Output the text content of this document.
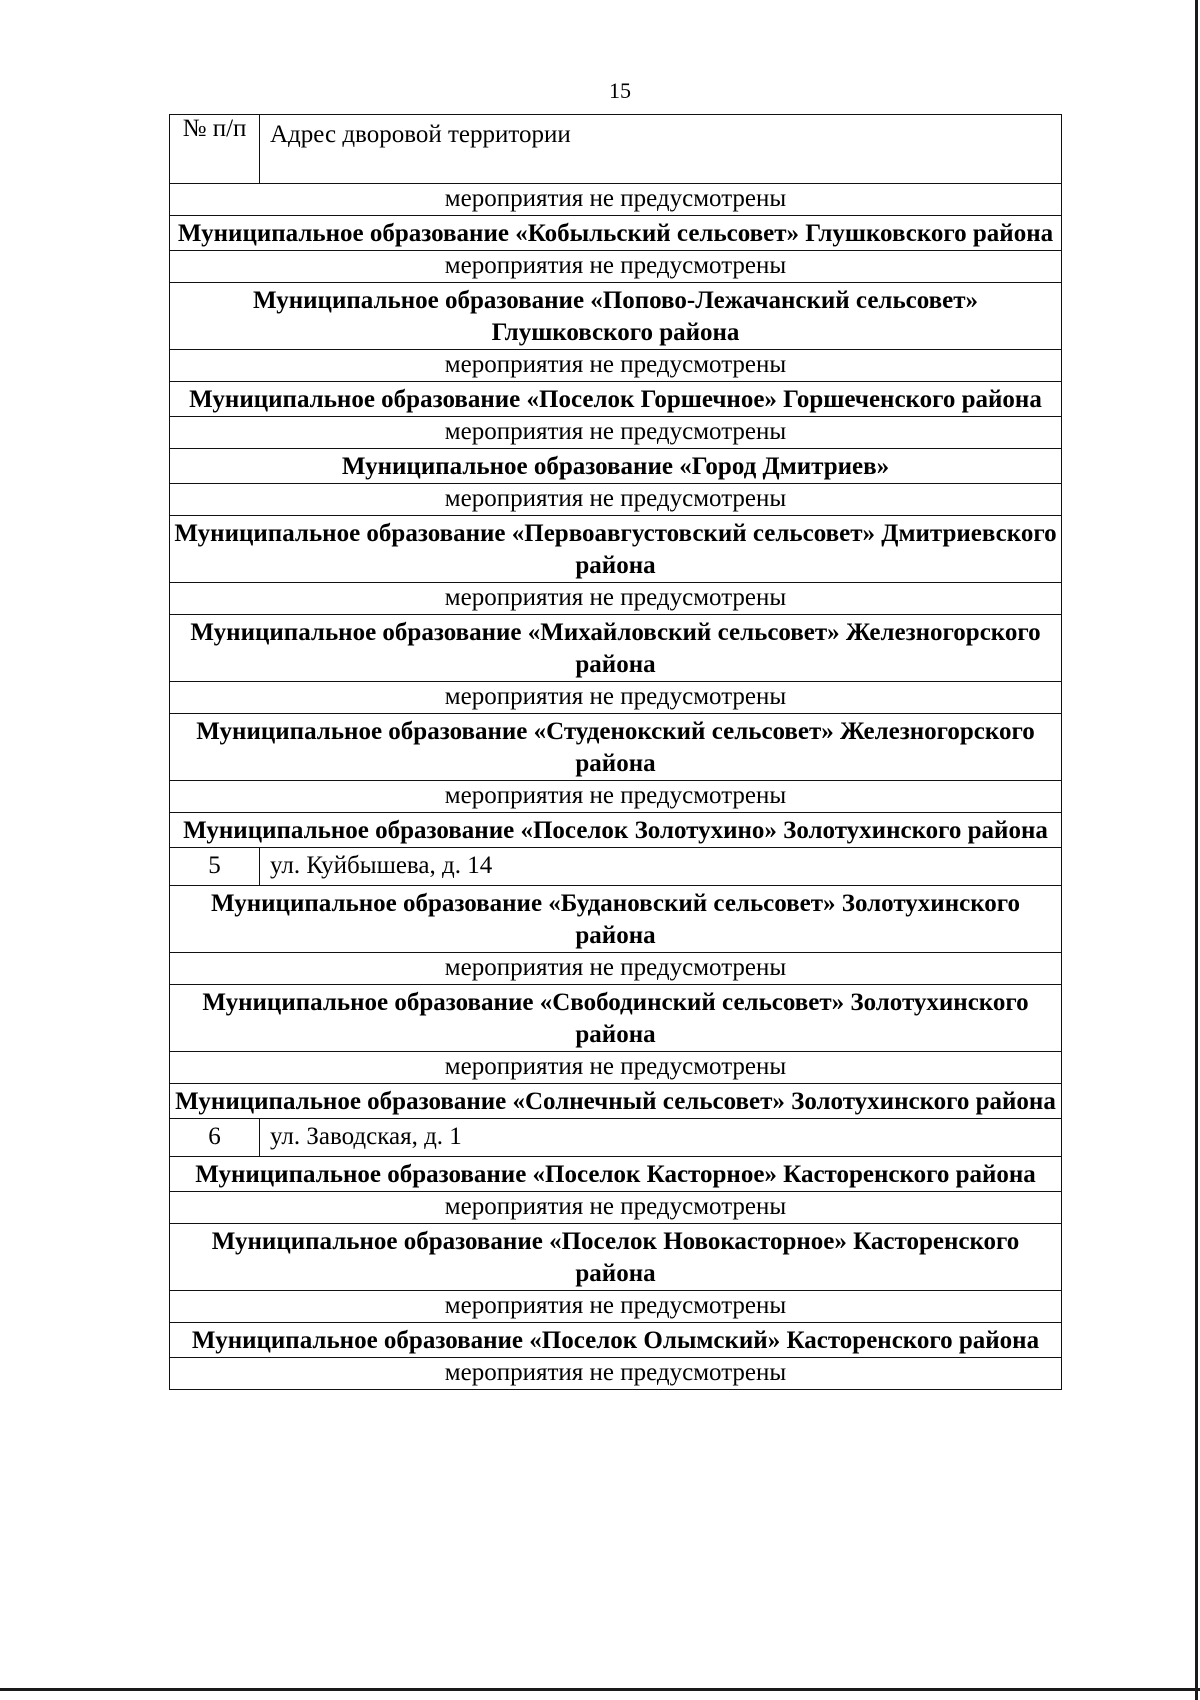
15
№ п/п	Адрес дворовой территории
мероприятия не предусмотрены	
Муниципальное образование «Кобыльский сельсовет» Глушковского района	
мероприятия не предусмотрены	
Муниципальное образование «Попово-Лежачанский сельсовет» Глушковского района	
мероприятия не предусмотрены	
Муниципальное образование «Поселок Горшечное» Горшеченского района	
мероприятия не предусмотрены	
Муниципальное образование «Город Дмитриев»	
мероприятия не предусмотрены	
Муниципальное образование «Первоавгустовский сельсовет» Дмитриевского района	
мероприятия не предусмотрены	
Муниципальное образование «Михайловский сельсовет» Железногорского района	
мероприятия не предусмотрены	
Муниципальное образование «Студенокский сельсовет» Железногорского района	
мероприятия не предусмотрены	
Муниципальное образование «Поселок Золотухино» Золотухинского района	
5	ул. Куйбышева, д. 14
Муниципальное образование «Будановский сельсовет» Золотухинского района	
мероприятия не предусмотрены	
Муниципальное образование «Свободинский сельсовет» Золотухинского района	
мероприятия не предусмотрены	
Муниципальное образование «Солнечный сельсовет» Золотухинского района	
6	ул. Заводская, д. 1
Муниципальное образование «Поселок Касторное» Касторенского района	
мероприятия не предусмотрены	
Муниципальное образование «Поселок Новокасторное» Касторенского района	
мероприятия не предусмотрены	
Муниципальное образование «Поселок Олымский» Касторенского района	
мероприятия не предусмотрены	
